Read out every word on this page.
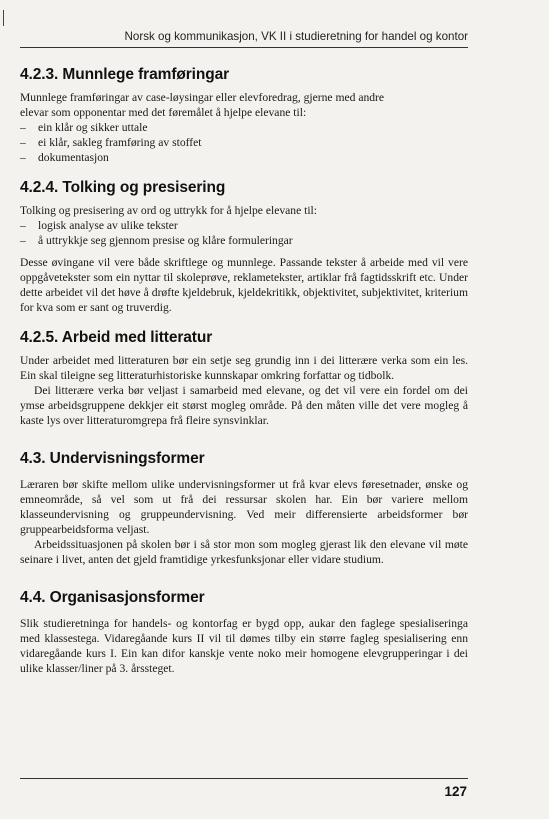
Norsk og kommunikasjon, VK II i studieretning for handel og kontor
4.2.3. Munnlege framføringar

Munnlege framføringar av case-løysingar eller elevforedrag, gjerne med andre
elevar som opponentar med det føremålet å hjelpe elevane til:

– ein klår og sikker uttale
– ei klår, sakleg framføring av stoffet
– dokumentasjon
4.2.4. Tolking og presisering

Tolking og presisering av ord og uttrykk for å hjelpe elevane til:

– logisk analyse av ulike tekster
– å uttrykkje seg gjennom presise og klåre formuleringar

Desse øvingane vil vere både skriftlege og munnlege. Passande tekster å arbeide med vil vere oppgåvetekster som ein nyttar til skoleprøve, reklametekster, artiklar frå fagtidsskrift etc. Under dette arbeidet vil det høve å drøfte kjeldebruk, kjeldekritikk, objektivitet, subjektivitet, kriterium for kva som er sant og truverdig.

4.2.5. Arbeid med litteratur

Under arbeidet med litteraturen bør ein setje seg grundig inn i dei litterære verka som ein les. Ein skal tileigne seg litteraturhistoriske kunnskapar omkring forfattar og tidbolk.

Dei litterære verka bør veljast i samarbeid med elevane, og det vil vere ein fordel om dei ymse arbeidsgruppene dekkjer eit størst mogleg område. På den måten ville det vere mogleg å kaste lys over litteraturomgrepa frå fleire synsvinklar.

4.3. Undervisningsformer

Læraren bør skifte mellom ulike undervisningsformer ut frå kvar elevs føresetnader, ønske og emneområde, så vel som ut frå dei ressursar skolen har. Ein bør variere mellom klasseundervisning og gruppeundervisning. Ved meir differensierte arbeidsformer bør gruppearbeidsforma veljast.

Arbeidssituasjonen på skolen bør i så stor mon som mogleg gjerast lik den elevane vil møte seinare i livet, anten det gjeld framtidige yrkesfunksjonar eller vidare studium.

4.4. Organisasjonsformer

Slik studieretninga for handels- og kontorfag er bygd opp, aukar den faglege spesialiseringa med klassestega. Vidaregåande kurs II vil til dømes tilby ein større fagleg spesialisering enn vidaregåande kurs I. Ein kan difor kanskje vente noko meir homogene elevgrupperingar i dei ulike klasser/liner på 3. årssteget.

127
